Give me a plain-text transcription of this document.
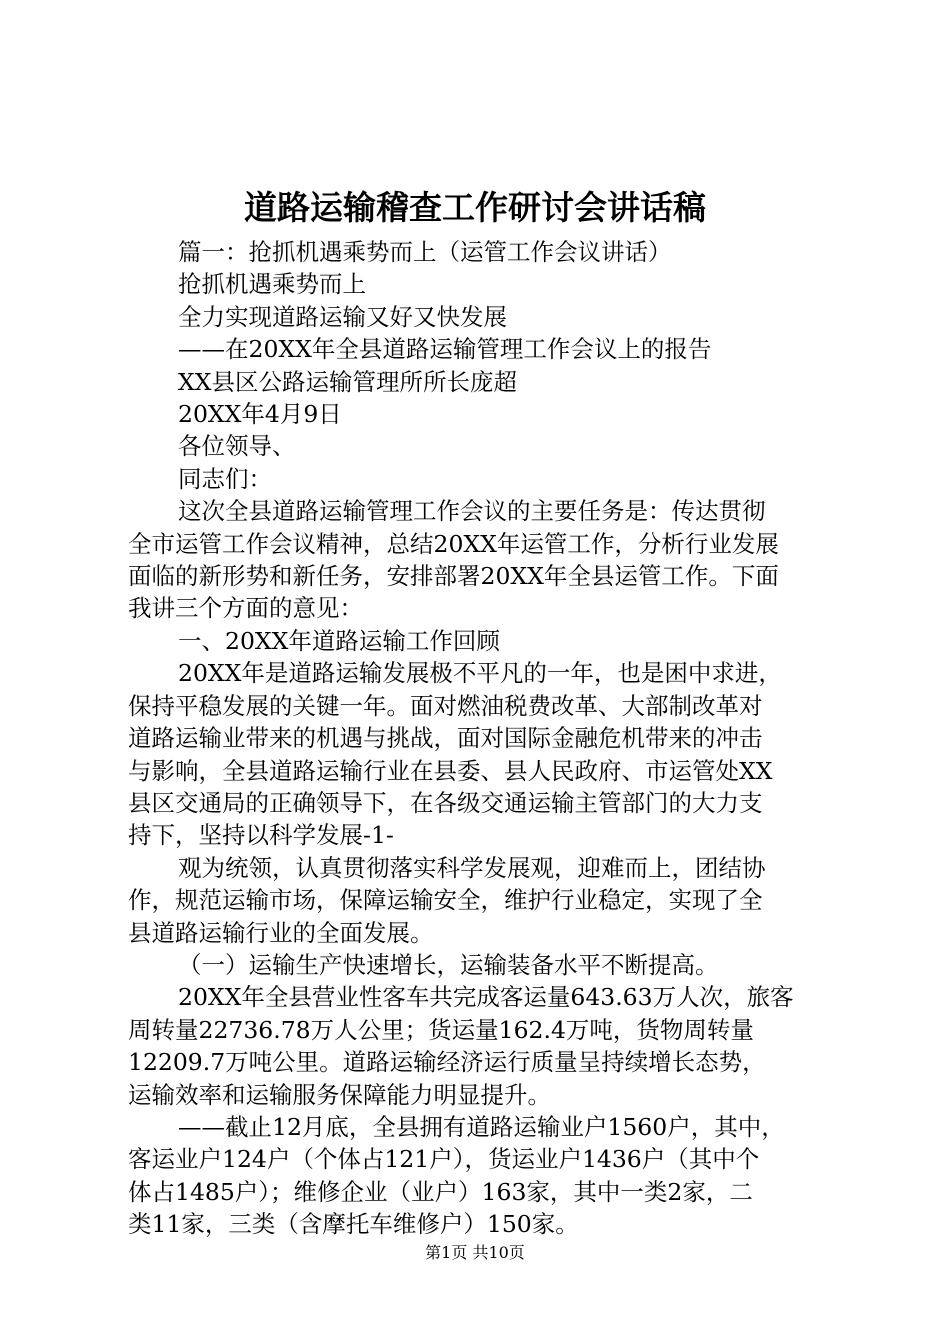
道路运输稽查工作研讨会讲话稿

篇一：抢抓机遇乘势而上（运管工作会议讲话）

抢抓机遇乘势而上

全力实现道路运输又好又快发展

——在20XX年全县道路运输管理工作会议上的报告

XX县区公路运输管理所所长庞超

20XX年4月9日

各位领导、

同志们：

这次全县道路运输管理工作会议的主要任务是：传达贯彻

全市运管工作会议精神，总结20XX年运管工作，分析行业发展

面临的新形势和新任务，安排部署20XX年全县运管工作。下面

我讲三个方面的意见：

一、20XX年道路运输工作回顾

20XX年是道路运输发展极不平凡的一年，也是困中求进，

保持平稳发展的关键一年。面对燃油税费改革、大部制改革对

道路运输业带来的机遇与挑战，面对国际金融危机带来的冲击

与影响，全县道路运输行业在县委、县人民政府、市运管处XX

县区交通局的正确领导下，在各级交通运输主管部门的大力支

持下，坚持以科学发展-1-

观为统领，认真贯彻落实科学发展观，迎难而上，团结协

作，规范运输市场，保障运输安全，维护行业稳定，实现了全

县道路运输行业的全面发展。

（一）运输生产快速增长，运输装备水平不断提高。

20XX年全县营业性客车共完成客运量643.63万人次，旅客

周转量22736.78万人公里；货运量162.4万吨，货物周转量

12209.7万吨公里。道路运输经济运行质量呈持续增长态势，

运输效率和运输服务保障能力明显提升。

——截止12月底，全县拥有道路运输业户1560户，其中，

客运业户124户（个体占121户），货运业户1436户（其中个

体占1485户）；维修企业（业户）163家，其中一类2家，二

类11家，三类（含摩托车维修户）150家。

第1页 共10页
